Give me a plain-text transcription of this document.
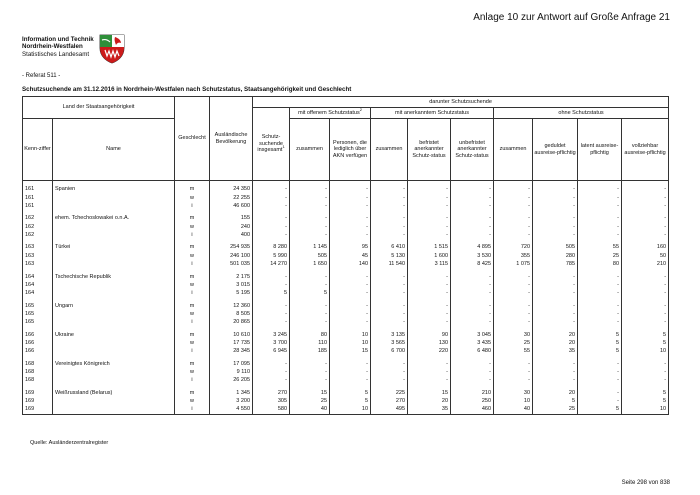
Anlage 10 zur Antwort auf Große Anfrage 21
Information und Technik
Nordrhein-Westfalen
Statistisches Landesamt
- Referat 511 -
Schutzsuchende am 31.12.2016 in Nordrhein-Westfalen nach Schutzstatus, Staatsangehörigkeit und Geschlecht
Land der Staatsangehörigkeit		Geschlecht	Ausländische Bevölkerung	darunter Schutzsuchende									
				Schutz-suchende insgesamt$^1$	mit offenem Schutzstatus$^2$		mit anerkanntem Schutzstatus			ohne Schutzstatus			
Kenn-ziffer	Name				zusammen	Personen, die lediglich über AKN verfügen	zusammen	befristet anerkannter Schutz-status	unbefristet anerkannter Schutz-status	zusammen	geduldet ausreise-pflichtig	latent ausreise-pflichtig	vollziehbar ausreise-pflichtig

161	Spanien	m	24 350	-	-	-	-	-	-	-	-	-	-
161		w	22 255	-	-	-	-	-	-	-	-	-	-
161		i	46 600	-	-	-	-	-	-	-	-	-	-

162	ehem. Tchechoslowakei o.n.A.	m	155	-	-	-	-	-	-	-	-	-	-
162		w	240	-	-	-	-	-	-	-	-	-	-
162		i	400	-	-	-	-	-	-	-	-	-	-

163	Türkei	m	254 935	8 280	1 145	95	6 410	1 515	4 895	720	505	55	160
163		w	246 100	5 990	505	45	5 130	1 600	3 530	355	280	25	50
163		i	501 035	14 270	1 650	140	11 540	3 115	8 425	1 075	785	80	210

164	Tschechische Republik	m	2 175	-	-	-	-	-	-	-	-	-	-
164		w	3 015	-	-	-	-	-	-	-	-	-	-
164		i	5 195	5	5	-	-	-	-	-	-	-	-

165	Ungarn	m	12 360	-	-	-	-	-	-	-	-	-	-
165		w	8 505	-	-	-	-	-	-	-	-	-	-
165		i	20 865	-	-	-	-	-	-	-	-	-	-

166	Ukraine	m	10 610	3 245	80	10	3 135	90	3 045	30	20	5	5
166		w	17 735	3 700	110	10	3 565	130	3 435	25	20	5	5
166		i	28 345	6 945	185	15	6 700	220	6 480	55	35	5	10

168	Vereinigtes Königreich	m	17 095	-	-	-	-	-	-	-	-	-	-
168		w	9 110	-	-	-	-	-	-	-	-	-	-
168		i	26 205	-	-	-	-	-	-	-	-	-	-

169	Weißrussland (Belarus)	m	1 345	270	15	5	225	15	210	30	20	-	5
169		w	3 200	305	25	5	270	20	250	10	5	-	5
169		i	4 550	580	40	10	495	35	460	40	25	5	10
Quelle: Ausländerzentralregister
Seite 298 von 838
